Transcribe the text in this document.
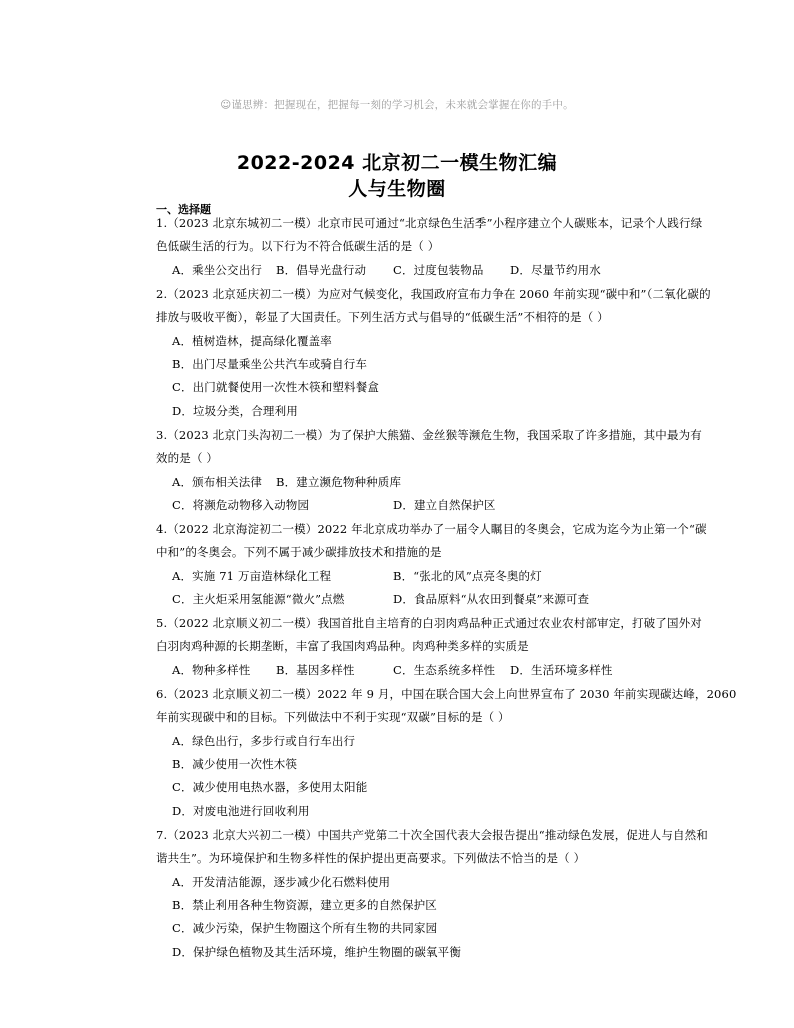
☺谨思辨：把握现在，把握每一刻的学习机会，未来就会掌握在你的手中。
2022-2024 北京初二一模生物汇编
人与生物圈
一、选择题
1.（2023 北京东城初二一模）北京市民可通过“北京绿色生活季”小程序建立个人碳账本，记录个人践行绿
色低碳生活的行为。以下行为不符合低碳生活的是（ ）
A．乘坐公交出行 B．倡导光盘行动 C．过度包装物品 D．尽量节约用水
2.（2023 北京延庆初二一模）为应对气候变化，我国政府宣布力争在 2060 年前实现“碳中和”（二氧化碳的
排放与吸收平衡），彰显了大国责任。下列生活方式与倡导的“低碳生活”不相符的是（ ）
A．植树造林，提高绿化覆盖率
B．出门尽量乘坐公共汽车或骑自行车
C．出门就餐使用一次性木筷和塑料餐盒
D．垃圾分类，合理利用
3.（2023 北京门头沟初二一模）为了保护大熊猫、金丝猴等濒危生物，我国采取了许多措施，其中最为有
效的是（ ）
A．颁布相关法律 B．建立濒危物种种质库
C．将濒危动物移入动物园	D．建立自然保护区
4.（2022 北京海淀初二一模）2022 年北京成功举办了一届令人瞩目的冬奥会，它成为迄今为止第一个“碳
中和”的冬奥会。下列不属于减少碳排放技术和措施的是
A．实施 71 万亩造林绿化工程	B．“张北的风”点亮冬奥的灯
C．主火炬采用氢能源“微火”点燃	D．食品原料“从农田到餐桌”来源可查
5.（2022 北京顺义初二一模）我国首批自主培育的白羽肉鸡品种正式通过农业农村部审定，打破了国外对
白羽肉鸡种源的长期垄断，丰富了我国肉鸡品种。肉鸡种类多样的实质是
A．物种多样性 B．基因多样性	C．生态系统多样性 D．生活环境多样性
6.（2023 北京顺义初二一模）2022 年 9 月，中国在联合国大会上向世界宣布了 2030 年前实现碳达峰，2060
年前实现碳中和的目标。下列做法中不利于实现“双碳”目标的是（ ）
A．绿色出行，多步行或自行车出行
B．减少使用一次性木筷
C．减少使用电热水器，多使用太阳能
D．对废电池进行回收利用
7.（2023 北京大兴初二一模）中国共产党第二十次全国代表大会报告提出“推动绿色发展，促进人与自然和
谐共生”。为环境保护和生物多样性的保护提出更高要求。下列做法不恰当的是（ ）
A．开发清洁能源，逐步减少化石燃料使用
B．禁止利用各种生物资源，建立更多的自然保护区
C．减少污染，保护生物圈这个所有生物的共同家园
D．保护绿色植物及其生活环境，维护生物圈的碳氧平衡
